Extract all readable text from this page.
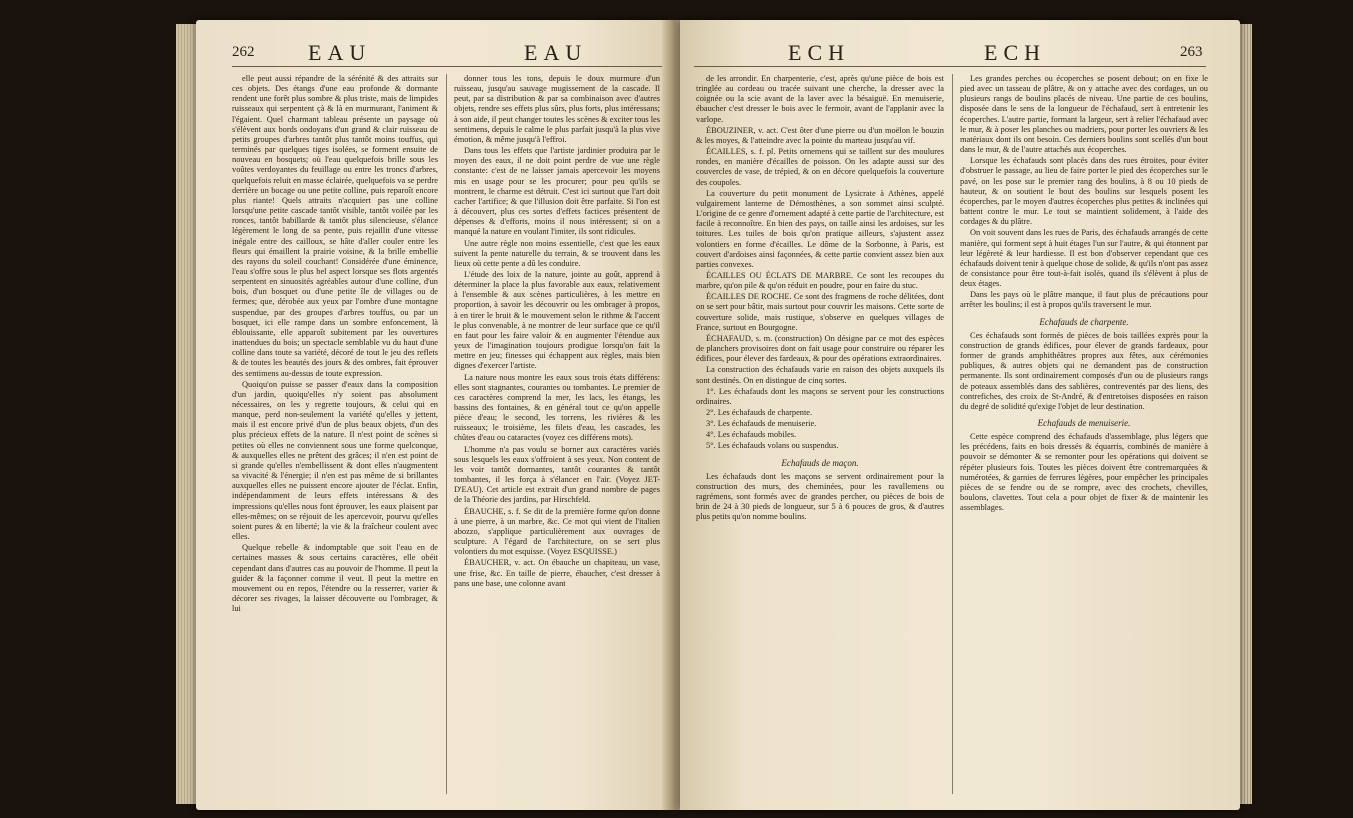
262 EAU	EAU

elle peut aussi répandre de la sérénité & des attraits sur ces objets. Des étangs d'une eau profonde & dormante rendent une forêt plus sombre & plus triste, mais de limpides ruisseaux qui serpentent çà & là en murmurant, l'animent & l'égaient. Quel charmant tableau présente un paysage où s'élèvent aux bords ondoyans d'un grand & clair ruisseau de petits groupes d'arbres tantôt plus tantôt moins touffus, qui terminés par quelques tiges isolées, se forment ensuite de nouveau en bosquets; où l'eau quelquefois brille sous les voûtes verdoyantes du feuillage ou entre les troncs d'arbres, quelquefois reluit en masse éclairée, quelquefois va se perdre derrière un bocage ou une petite colline, puis reparoît encore plus riante! Quels attraits n'acquiert pas une colline lorsqu'une petite cascade tantôt visible, tantôt voilée par les ronces, tantôt babillarde & tantôt plus silencieuse, s'élance légèrement le long de sa pente, puis rejaillit d'une vitesse inégale entre des cailloux, se hâte d'aller couler entre les fleurs qui émaillent la prairie voisine, & la brille embellie des rayons du soleil couchant! Considérée d'une éminence, l'eau s'offre sous le plus bel aspect lorsque ses flots argentés serpentent en sinuosités agréables autour d'une colline, d'un bois, d'un bosquet ou d'une petite île de villages ou de fermes; que, dérobée aux yeux par l'ombre d'une montagne suspendue, par des groupes d'arbres touffus, ou par un bosquet, ici elle rampe dans un sombre enfoncement, là éblouissante, elle apparoît subitement par les ouvertures inattendues du bois; un spectacle semblable vu du haut d'une colline dans toute sa variété, décoré de tout le jeu des reflets & de toutes les beautés des jours & des ombres, fait éprouver des sentimens au-dessus de toute expression.

Quoiqu'on puisse se passer d'eaux dans la composition d'un jardin, quoiqu'elles n'y soient pas absolument nécessaires, on les y regrette toujours, & celui qui en manque, perd non-seulement la variété qu'elles y jettent, mais il est encore privé d'un de plus beaux objets, d'un des plus précieux effets de la nature. Il n'est point de scènes si petites où elles ne conviennent sous une forme quelconque, & auxquelles elles ne prêtent des grâces; il n'en est point de si grande qu'elles n'embellissent & dont elles n'augmentent sa vivacité & l'énergie; il n'en est pas même de si brillantes auxquelles elles ne puissent encore ajouter de l'éclat. Enfin, indépendamment de leurs effets intéressans & des impressions qu'elles nous font éprouver, les eaux plaisent par elles-mêmes; on se réjouit de les apercevoir, pourvu qu'elles soient pures & en liberté; la vie & la fraîcheur coulent avec elles.

Quelque rebelle & indomptable que soit l'eau en de certaines masses & sous certains caractères, elle obéit cependant dans d'autres cas au pouvoir de l'homme. Il peut la guider & la façonner comme il veut. Il peut la mettre en mouvement ou en repos, l'étendre ou la resserrer, varier & décorer ses rivages, la laisser découverte ou l'ombrager, & lui

donner tous les tons, depuis le doux murmure d'un ruisseau, jusqu'au sauvage mugissement de la cascade. Il peut, par sa distribution & par sa combinaison avec d'autres objets, rendre ses effets plus sûrs, plus forts, plus intéressans; à son aide, il peut changer toutes les scènes & exciter tous les sentimens, depuis le calme le plus parfait jusqu'à la plus vive émotion, & même jusqu'à l'effroi.

Dans tous les effets que l'artiste jardinier produira par le moyen des eaux, il ne doit point perdre de vue une règle constante: c'est de ne laisser jamais apercevoir les moyens mis en usage pour se les procurer; pour peu qu'ils se montrent, le charme est détruit. C'est ici surtout que l'art doit cacher l'artifice; & que l'illusion doit être parfaite. Si l'on est à découvert, plus ces sortes d'effets factices présentent de dépenses & d'efforts, moins il nous intéressent; si on a manqué la nature en voulant l'imiter, ils sont ridicules.

Une autre règle non moins essentielle, c'est que les eaux suivent la pente naturelle du terrain, & se trouvent dans les lieux où cette pente a dû les conduire.

L'étude des loix de la nature, jointe au goût, apprend à déterminer la place la plus favorable aux eaux, relativement à l'ensemble & aux scènes particulières, à les mettre en proportion, à savoir les découvrir ou les ombrager à propos, à en tirer le bruit & le mouvement selon le rithme & l'accent le plus convenable, à ne montrer de leur surface que ce qu'il en faut pour les faire valoir & en augmenter l'étendue aux yeux de l'imagination toujours prodigue lorsqu'on fait la mettre en jeu; finesses qui échappent aux règles, mais bien dignes d'exercer l'artiste.

La nature nous montre les eaux sous trois états différens: elles sont stagnantes, courantes ou tombantes. Le premier de ces caractères comprend la mer, les lacs, les étangs, les bassins des fontaines, & en général tout ce qu'on appelle pièce d'eau; le second, les torrens, les rivières & les ruisseaux; le troisième, les filets d'eau, les cascades, les chûtes d'eau ou cataractes (voyez ces différens mots).

L'homme n'a pas voulu se borner aux caractères variés sous lesquels les eaux s'offroient à ses yeux. Non content de les voir tantôt dormantes, tantôt courantes & tantôt tombantes, il les força à s'élancer en l'air. (Voyez JET-D'EAU). Cet article est extrait d'un grand nombre de pages de la Théorie des jardins, par Hirschfeld.

ÉBAUCHE, s. f. Se dit de la première forme qu'on donne à une pierre, à un marbre, &c. Ce mot qui vient de l'italien abozzo, s'applique particulièrement aux ouvrages de sculpture. A l'égard de l'architecture, on se sert plus volontiers du mot esquisse. (Voyez ESQUISSE.)

ÉBAUCHER, v. act. On ébauche un chapiteau, un vase, une frise, &c. En taille de pierre, ébaucher, c'est dresser à pans une base, une colonne avant

ECH	ECH	263

de les arrondir. En charpenterie, c'est, après qu'une pièce de bois est tringlée au cordeau ou tracée suivant une cherche, la dresser avec la coignée ou la scie avant de la laver avec la bésaiguë. En menuiserie, ébaucher c'est dresser le bois avec le fermoir, avant de l'applanir avec la varlope.

ÉBOUZINER, v. act. C'est ôter d'une pierre ou d'un moëlon le bouzin & les moyes, & l'atteindre avec la pointe du marteau jusqu'au vif.

ÉCAILLES, s. f. pl. Petits ornemens qui se taillent sur des moulures rondes, en manière d'écailles de poisson. On les adapte aussi sur des couvercles de vase, de trépied, & on en décore quelquefois la couverture des coupoles.

La couverture du petit monument de Lysicrate à Athènes, appelé vulgairement lanterne de Démosthènes, a son sommet ainsi sculpté. L'origine de ce genre d'ornement adapté à cette partie de l'architecture, est facile à reconnoître. En bien des pays, on taille ainsi les ardoises, sur les toitures. Les tuiles de bois qu'on pratique ailleurs, s'ajustent assez volontiers en forme d'écailles. Le dôme de la Sorbonne, à Paris, est couvert d'ardoises ainsi façonnées, & cette partie convient assez bien aux parties convexes.

ÉCAILLES OU ÉCLATS DE MARBRE. Ce sont les recoupes du marbre, qu'on pile & qu'on réduit en poudre, pour en faire du stuc.

ÉCAILLES DE ROCHE. Ce sont des fragmens de roche délitées, dont on se sert pour bâtir, mais surtout pour couvrir les maisons. Cette sorte de couverture solide, mais rustique, s'observe en quelques villages de France, surtout en Bourgogne.

ÉCHAFAUD, s. m. (construction) On désigne par ce mot des espèces de planchers provisoires dont on fait usage pour construire ou réparer les édifices, pour élever des fardeaux, & pour des opérations extraordinaires.

La construction des échafauds varie en raison des objets auxquels ils sont destinés. On en distingue de cinq sortes.

1°. Les échafauds dont les maçons se servent pour les constructions ordinaires.

2°. Les échafauds de charpente.

3°. Les échafauds de menuiserie.

4°. Les échafauds mobiles.

5°. Les échafauds volans ou suspendus.

Echafauds de maçon.

Les échafauds dont les maçons se servent ordinairement pour la construction des murs, des cheminées, pour les ravallemens ou ragrémens, sont formés avec de grandes percher, ou pièces de bois de brin de 24 à 30 pieds de longueur, sur 5 à 6 pouces de gros, & d'autres plus petits qu'on nomme boulins.

Les grandes perches ou écoperches se posent debout; on en fixe le pied avec un tasseau de plâtre, & on y attache avec des cordages, un ou plusieurs rangs de boulins placés de niveau. Une partie de ces boulins, disposée dans le sens de la longueur de l'échafaud, sert à entretenir les écoperches. L'autre partie, formant la largeur, sert à relier l'échafaud avec le mur, & à poser les planches ou madriers, pour porter les ouvriers & les matériaux dont ils ont besoin. Ces derniers boulins sont scellés d'un bout dans le mur, & de l'autre attachés aux écoperches.

Lorsque les échafauds sont placés dans des rues étroites, pour éviter d'obstruer le passage, au lieu de faire porter le pied des écoperches sur le pavé, on les pose sur le premier rang des boulins, à 8 ou 10 pieds de hauteur, & on soutient le bout des boulins sur lesquels posent les écoperches, par le moyen d'autres écoperches plus petites & inclinées qui battent contre le mur. Le tout se maintient solidement, à l'aide des cordages & du plâtre.

On voit souvent dans les rues de Paris, des échafauds arrangés de cette manière, qui forment sept à huit étages l'un sur l'autre, & qui étonnent par leur légèreté & leur hardiesse. Il est bon d'observer cependant que ces échafauds doivent tenir à quelque chose de solide, & qu'ils n'ont pas assez de consistance pour être tout-à-fait isolés, quand ils s'élèvent à plus de deux étages.

Dans les pays où le plâtre manque, il faut plus de précautions pour arrêter les boulins; il est à propos qu'ils traversent le mur.

Echafauds de charpente.

Ces échafauds sont formés de pièces de bois taillées exprès pour la construction de grands édifices, pour élever de grands fardeaux, pour former de grands amphithéâtres propres aux fêtes, aux cérémonies publiques, & autres objets qui ne demandent pas de construction permanente. Ils sont ordinairement composés d'un ou de plusieurs rangs de poteaux assemblés dans des sablières, contreventés par des liens, des contrefiches, des croix de St-André, & d'entretoises disposées en raison du degré de solidité qu'exige l'objet de leur destination.

Echafauds de menuiserie.

Cette espèce comprend des échafauds d'assemblage, plus légers que les précédens, faits en bois dressés & équarris, combinés de manière à pouvoir se démonter & se remonter pour les opérations qui doivent se répéter plusieurs fois. Toutes les pièces doivent être contremarquées & numérotées, & garnies de ferrures légères, pour empêcher les principales pièces de se fendre ou de se rompre, avec des crochets, chevilles, boulons, clavettes. Tout cela a pour objet de fixer & de maintenir les assemblages.
